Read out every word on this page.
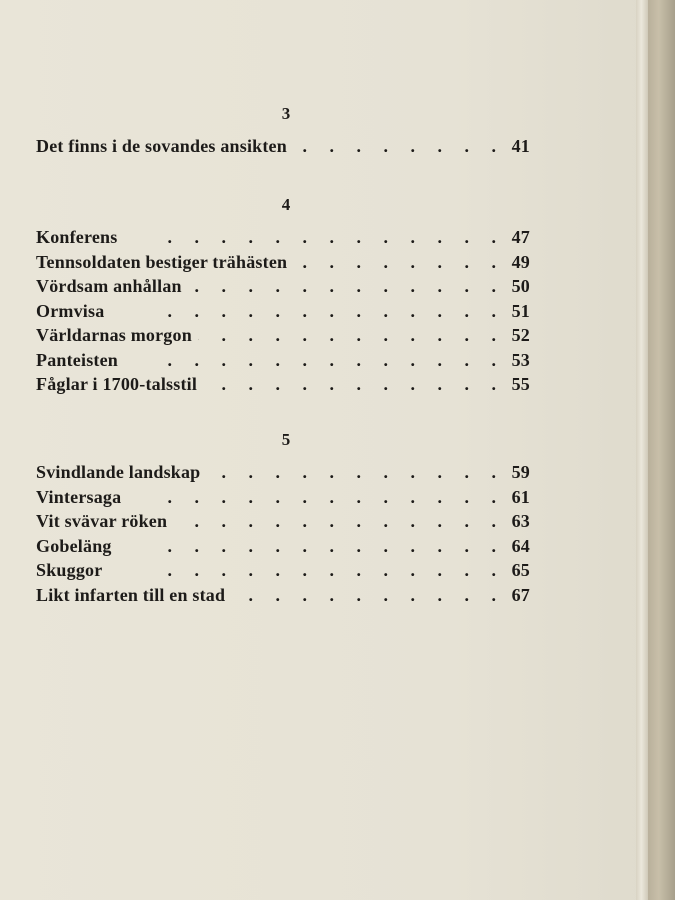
3
Det finns i de sovandes ansikten .	41
4
Konferens .	47
Tennsoldaten bestiger trähästen .	49
Vördsam anhållan .	50
Ormvisa .	51
Världarnas morgon .	52
Panteisten .	53
Fåglar i 1700-talsstil .	55
5
Svindlande landskap .	59
Vintersaga .	61
Vit svävar röken .	63
Gobeläng .	64
Skuggor .	65
Likt infarten till en stad .	67
